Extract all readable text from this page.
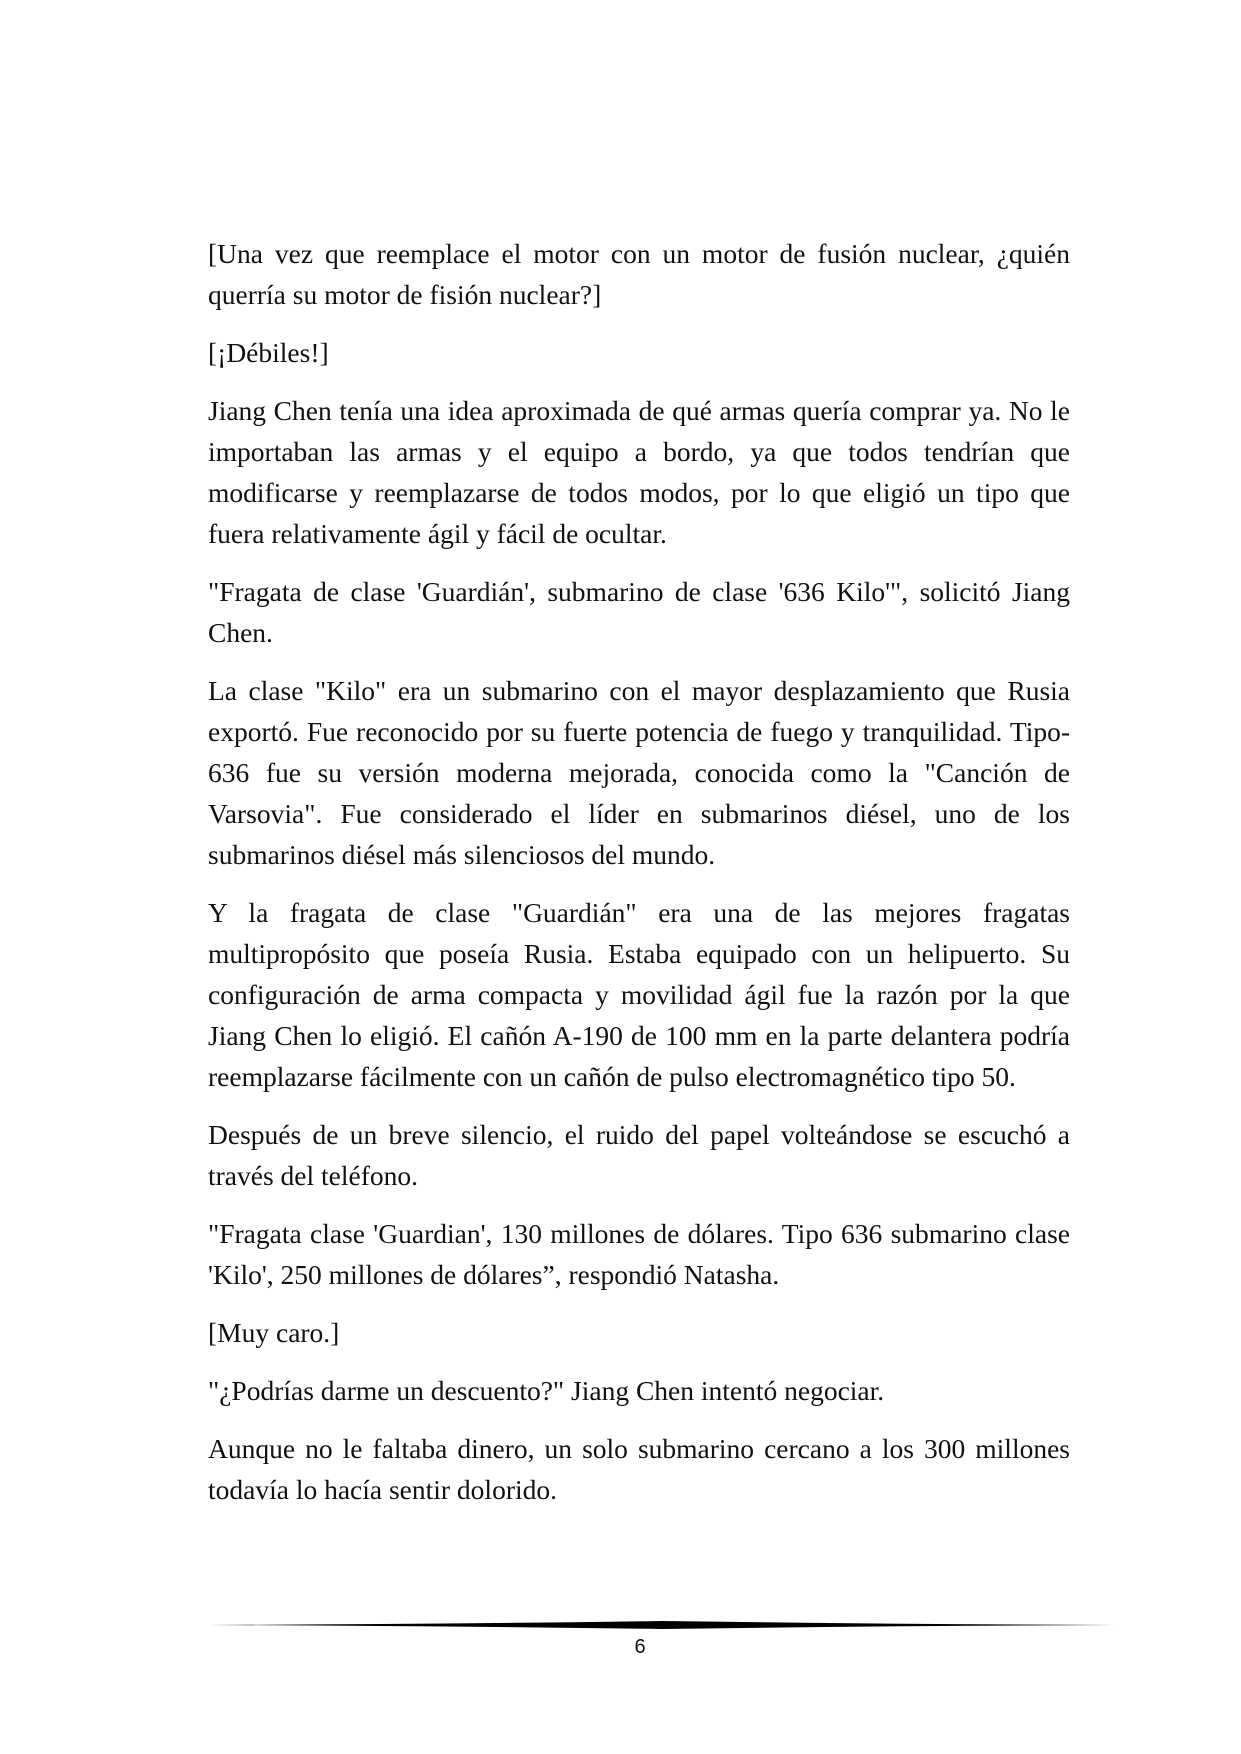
[Una vez que reemplace el motor con un motor de fusión nuclear, ¿quién querría su motor de fisión nuclear?]

[¡Débiles!]

Jiang Chen tenía una idea aproximada de qué armas quería comprar ya. No le importaban las armas y el equipo a bordo, ya que todos tendrían que modificarse y reemplazarse de todos modos, por lo que eligió un tipo que fuera relativamente ágil y fácil de ocultar.

"Fragata de clase 'Guardián', submarino de clase '636 Kilo'", solicitó Jiang Chen.

La clase "Kilo" era un submarino con el mayor desplazamiento que Rusia exportó. Fue reconocido por su fuerte potencia de fuego y tranquilidad. Tipo-636 fue su versión moderna mejorada, conocida como la "Canción de Varsovia". Fue considerado el líder en submarinos diésel, uno de los submarinos diésel más silenciosos del mundo.

Y la fragata de clase "Guardián" era una de las mejores fragatas multipropósito que poseía Rusia. Estaba equipado con un helipuerto. Su configuración de arma compacta y movilidad ágil fue la razón por la que Jiang Chen lo eligió. El cañón A-190 de 100 mm en la parte delantera podría reemplazarse fácilmente con un cañón de pulso electromagnético tipo 50.

Después de un breve silencio, el ruido del papel volteándose se escuchó a través del teléfono.

"Fragata clase 'Guardian', 130 millones de dólares. Tipo 636 submarino clase 'Kilo', 250 millones de dólares”, respondió Natasha.

[Muy caro.]

"¿Podrías darme un descuento?" Jiang Chen intentó negociar.

Aunque no le faltaba dinero, un solo submarino cercano a los 300 millones todavía lo hacía sentir dolorido.

6
